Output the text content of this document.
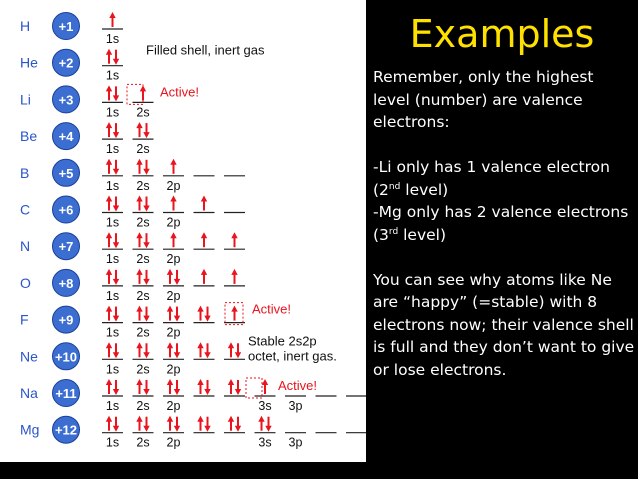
H +1
1s
He +2
1s
Li +3
1s 2s
Be +4
1s 2s
B +5
1s 2s 2p
C +6
1s 2s 2p
N +7
1s 2s 2p
O +8
1s 2s 2p
F +9
1s 2s 2p
Ne +10
1s 2s 2p
Na +11
1s 2s 2p	3s 3p
Mg +12
1s 2s 2p	3s 3p
Filled shell, inert gas
Active!
Active!
Stable 2s2p
octet, inert gas.
Active!
Examples

Remember, only the highest level (number) are valence electrons:

-Li only has 1 valence electron (2nd level)

-Mg only has 2 valence electrons (3rd level)

You can see why atoms like Ne are “happy” (=stable) with 8 electrons now; their valence shell is full and they don’t want to give or lose electrons.
